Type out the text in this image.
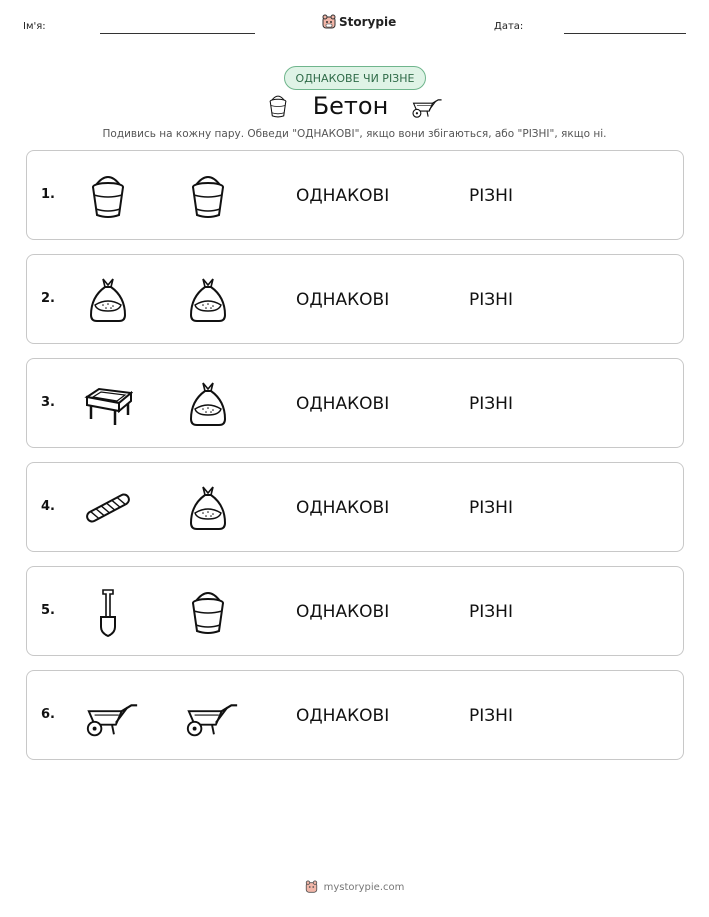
Ім'я:	Storypie	Дата:
ОДНАКОВЕ ЧИ РІЗНЕ
Бетон
Подивись на кожну пару. Обведи "ОДНАКОВІ", якщо вони збігаються, або "РІЗНІ", якщо ні.
1.	ОДНАКОВІ	РІЗНІ
2.	ОДНАКОВІ	РІЗНІ
3.	ОДНАКОВІ	РІЗНІ
4.	ОДНАКОВІ	РІЗНІ
5.	ОДНАКОВІ	РІЗНІ
6.	ОДНАКОВІ	РІЗНІ
mystorypie.com
